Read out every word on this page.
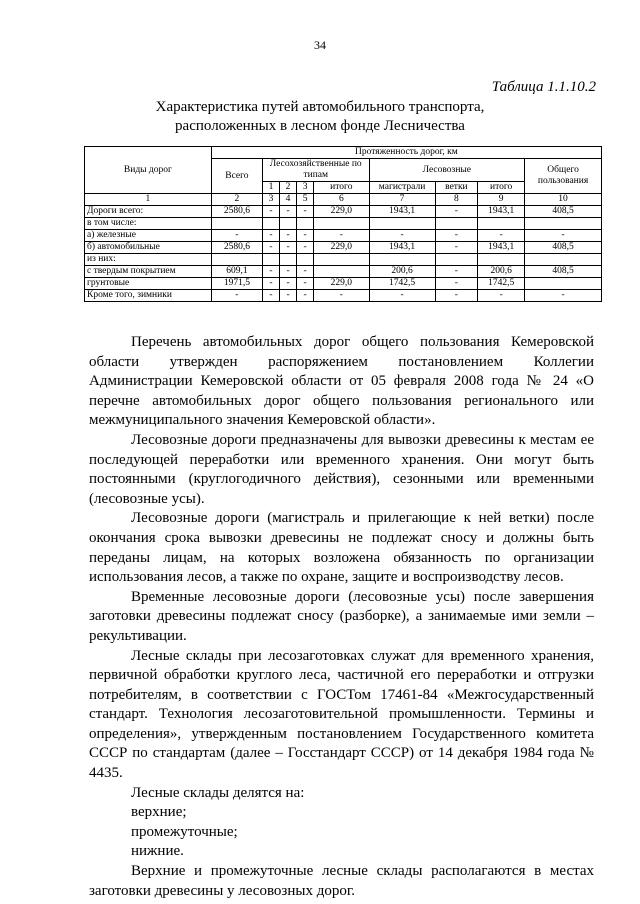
34
Таблица 1.1.10.2
Характеристика путей автомобильного транспорта,
расположенных в лесном фонде Лесничества
Виды дорог	Протяженность дорог, км								
	Всего	Лесохозяйственные по типам				Лесовозные			Общего пользования
		1	2	3	итого	магистрали	ветки	итого	
1	2	3	4	5	6	7	8	9	10
Дороги всего:	2580,6	-	-	-	229,0	1943,1	-	1943,1	408,5
в том числе:									
а) железные	-	-	-	-	-	-	-	-	-
б) автомобильные	2580,6	-	-	-	229,0	1943,1	-	1943,1	408,5
из них:									
с твердым покрытием	609,1	-	-	-		200,6	-	200,6	408,5
грунтовые	1971,5	-	-	-	229,0	1742,5	-	1742,5	
Кроме того, зимники	-	-	-	-	-	-	-	-	-

Перечень автомобильных дорог общего пользования Кемеровской области утвержден распоряжением постановлением Коллегии Администрации Кемеровской области от 05 февраля 2008 года № 24 «О перечне автомобильных дорог общего пользования регионального или межмуниципального значения Кемеровской области».

Лесовозные дороги предназначены для вывозки древесины к местам ее последующей переработки или временного хранения. Они могут быть постоянными (круглогодичного действия), сезонными или временными (лесовозные усы).

Лесовозные дороги (магистраль и прилегающие к ней ветки) после окончания срока вывозки древесины не подлежат сносу и должны быть переданы лицам, на которых возложена обязанность по организации использования лесов, а также по охране, защите и воспроизводству лесов.

Временные лесовозные дороги (лесовозные усы) после завершения заготовки древесины подлежат сносу (разборке), а занимаемые ими земли – рекультивации.

Лесные склады при лесозаготовках служат для временного хранения, первичной обработки круглого леса, частичной его переработки и отгрузки потребителям, в соответствии с ГОСТом 17461-84 «Межгосударственный стандарт. Технология лесозаготовительной промышленности. Термины и определения», утвержденным постановлением Государственного комитета СССР по стандартам (далее – Госстандарт СССР) от 14 декабря 1984 года № 4435.

Лесные склады делятся на:

верхние;

промежуточные;

нижние.

Верхние и промежуточные лесные склады располагаются в местах заготовки древесины у лесовозных дорог.
